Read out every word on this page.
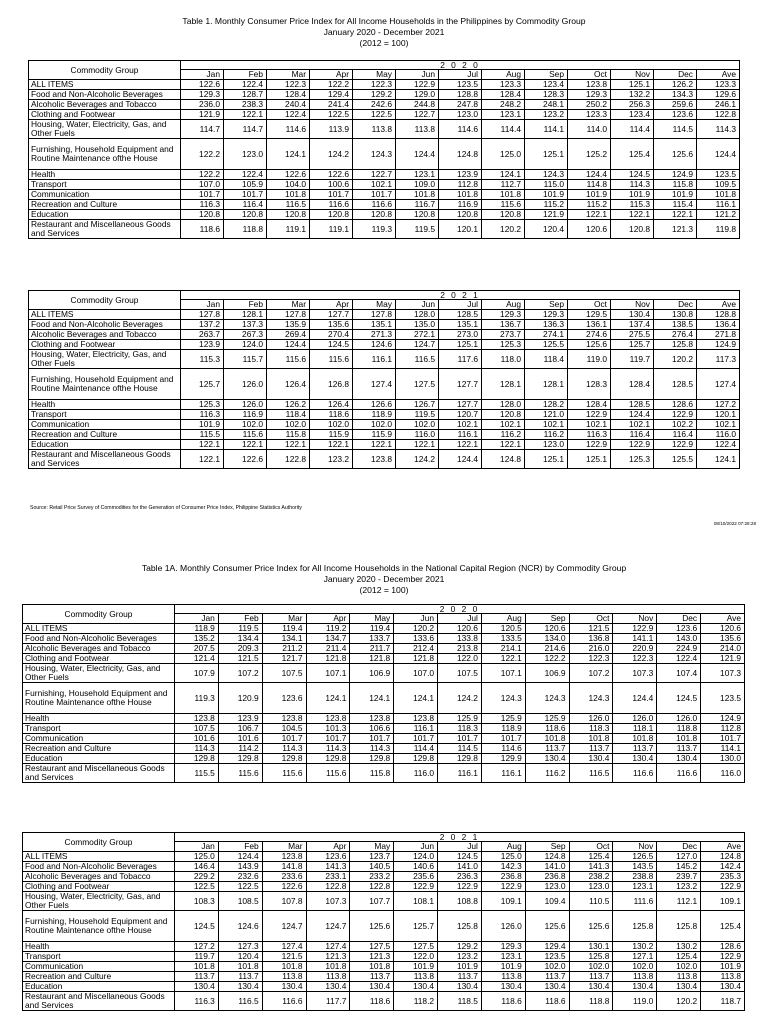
Table 1. Monthly Consumer Price Index for All Income Households in the Philippines by Commodity Group
January 2020 - December 2021
(2012 = 100)
Commodity Group	2 0 2 0												
	Jan	Feb	Mar	Apr	May	Jun	Jul	Aug	Sep	Oct	Nov	Dec	Ave
ALL ITEMS	122.6	122.4	122.3	122.2	122.3	122.9	123.5	123.3	123.4	123.8	125.1	126.2	123.3
Food and Non-Alcoholic Beverages	129.3	128.7	128.4	129.4	129.2	129.0	128.8	128.4	128.3	129.3	132.2	134.3	129.6
Alcoholic Beverages and Tobacco	236.0	238.3	240.4	241.4	242.6	244.8	247.8	248.2	248.1	250.2	256.3	259.6	246.1
Clothing and Footwear	121.9	122.1	122.4	122.5	122.5	122.7	123.0	123.1	123.2	123.3	123.4	123.6	122.8
Housing, Water, Electricity, Gas, and Other Fuels	114.7	114.7	114.6	113.9	113.8	113.8	114.6	114.4	114.1	114.0	114.4	114.5	114.3
Furnishing, Household Equipment and Routine Maintenance ofthe House	122.2	123.0	124.1	124.2	124.3	124.4	124.8	125.0	125.1	125.2	125.4	125.6	124.4
Health	122.2	122.4	122.6	122.6	122.7	123.1	123.9	124.1	124.3	124.4	124.5	124.9	123.5
Transport	107.0	105.9	104.0	100.6	102.1	109.0	112.8	112.7	115.0	114.8	114.3	115.8	109.5
Communication	101.7	101.7	101.8	101.7	101.7	101.8	101.8	101.8	101.9	101.9	101.9	101.9	101.8
Recreation and Culture	116.3	116.4	116.5	116.6	116.6	116.7	116.9	115.6	115.2	115.2	115.3	115.4	116.1
Education	120.8	120.8	120.8	120.8	120.8	120.8	120.8	120.8	121.9	122.1	122.1	122.1	121.2
Restaurant and Miscellaneous Goods and Services	118.6	118.8	119.1	119.1	119.3	119.5	120.1	120.2	120.4	120.6	120.8	121.3	119.8
Commodity Group	2 0 2 1												
	Jan	Feb	Mar	Apr	May	Jun	Jul	Aug	Sep	Oct	Nov	Dec	Ave
ALL ITEMS	127.8	128.1	127.8	127.7	127.8	128.0	128.5	129.3	129.3	129.5	130.4	130.8	128.8
Food and Non-Alcoholic Beverages	137.2	137.3	135.9	135.6	135.1	135.0	135.1	136.7	136.3	136.1	137.4	138.5	136.4
Alcoholic Beverages and Tobacco	263.7	267.3	269.4	270.4	271.3	272.1	273.0	273.7	274.1	274.6	275.5	276.4	271.8
Clothing and Footwear	123.9	124.0	124.4	124.5	124.6	124.7	125.1	125.3	125.5	125.6	125.7	125.8	124.9
Housing, Water, Electricity, Gas, and Other Fuels	115.3	115.7	115.6	115.6	116.1	116.5	117.6	118.0	118.4	119.0	119.7	120.2	117.3
Furnishing, Household Equipment and Routine Maintenance ofthe House	125.7	126.0	126.4	126.8	127.4	127.5	127.7	128.1	128.1	128.3	128.4	128.5	127.4
Health	125.3	126.0	126.2	126.4	126.6	126.7	127.7	128.0	128.2	128.4	128.5	128.6	127.2
Transport	116.3	116.9	118.4	118.6	118.9	119.5	120.7	120.8	121.0	122.9	124.4	122.9	120.1
Communication	101.9	102.0	102.0	102.0	102.0	102.0	102.1	102.1	102.1	102.1	102.1	102.2	102.1
Recreation and Culture	115.5	115.6	115.8	115.9	115.9	116.0	116.1	116.2	116.2	116.3	116.4	116.4	116.0
Education	122.1	122.1	122.1	122.1	122.1	122.1	122.1	122.1	123.0	122.9	122.9	122.9	122.4
Restaurant and Miscellaneous Goods and Services	122.1	122.6	122.8	123.2	123.8	124.2	124.4	124.8	125.1	125.1	125.3	125.5	124.1
Source: Retail Price Survey of Commodities for the Generation of Consumer Price Index, Philippine Statistics Authority
08/10/2022 07:28:28
Table 1A. Monthly Consumer Price Index for All Income Households in the National Capital Region (NCR) by Commodity Group
January 2020 - December 2021
(2012 = 100)
Commodity Group	2 0 2 0												
	Jan	Feb	Mar	Apr	May	Jun	Jul	Aug	Sep	Oct	Nov	Dec	Ave
ALL ITEMS	118.9	119.5	119.4	119.2	119.4	120.2	120.6	120.5	120.6	121.5	122.9	123.6	120.6
Food and Non-Alcoholic Beverages	135.2	134.4	134.1	134.7	133.7	133.6	133.8	133.5	134.0	136.8	141.1	143.0	135.6
Alcoholic Beverages and Tobacco	207.5	209.3	211.2	211.4	211.7	212.4	213.8	214.1	214.6	216.0	220.9	224.9	214.0
Clothing and Footwear	121.4	121.5	121.7	121.8	121.8	121.8	122.0	122.1	122.2	122.3	122.3	122.4	121.9
Housing, Water, Electricity, Gas, and Other Fuels	107.9	107.2	107.5	107.1	106.9	107.0	107.5	107.1	106.9	107.2	107.3	107.4	107.3
Furnishing, Household Equipment and Routine Maintenance ofthe House	119.3	120.9	123.6	124.1	124.1	124.1	124.2	124.3	124.3	124.3	124.4	124.5	123.5
Health	123.8	123.9	123.8	123.8	123.8	123.8	125.9	125.9	125.9	126.0	126.0	126.0	124.9
Transport	107.5	106.7	104.5	101.3	106.6	116.1	118.3	118.9	118.6	118.3	118.1	118.8	112.8
Communication	101.6	101.6	101.7	101.7	101.7	101.7	101.7	101.7	101.8	101.8	101.8	101.8	101.7
Recreation and Culture	114.3	114.2	114.3	114.3	114.3	114.4	114.5	114.6	113.7	113.7	113.7	113.7	114.1
Education	129.8	129.8	129.8	129.8	129.8	129.8	129.8	129.9	130.4	130.4	130.4	130.4	130.0
Restaurant and Miscellaneous Goods and Services	115.5	115.6	115.6	115.6	115.8	116.0	116.1	116.1	116.2	116.5	116.6	116.6	116.0
Commodity Group	2 0 2 1												
	Jan	Feb	Mar	Apr	May	Jun	Jul	Aug	Sep	Oct	Nov	Dec	Ave
ALL ITEMS	125.0	124.4	123.8	123.6	123.7	124.0	124.5	125.0	124.8	125.4	126.5	127.0	124.8
Food and Non-Alcoholic Beverages	146.4	143.9	141.8	141.3	140.5	140.6	141.0	142.3	141.0	141.3	143.5	145.2	142.4
Alcoholic Beverages and Tobacco	229.2	232.6	233.6	233.1	233.2	235.6	236.3	236.8	236.8	238.2	238.8	239.7	235.3
Clothing and Footwear	122.5	122.5	122.6	122.8	122.8	122.9	122.9	122.9	123.0	123.0	123.1	123.2	122.9
Housing, Water, Electricity, Gas, and Other Fuels	108.3	108.5	107.8	107.3	107.7	108.1	108.8	109.1	109.4	110.5	111.6	112.1	109.1
Furnishing, Household Equipment and Routine Maintenance ofthe House	124.5	124.6	124.7	124.7	125.6	125.7	125.8	126.0	125.6	125.6	125.8	125.8	125.4
Health	127.2	127.3	127.4	127.4	127.5	127.5	129.2	129.3	129.4	130.1	130.2	130.2	128.6
Transport	119.7	120.4	121.5	121.3	121.3	122.0	123.2	123.1	123.5	125.8	127.1	125.4	122.9
Communication	101.8	101.8	101.8	101.8	101.8	101.9	101.9	101.9	102.0	102.0	102.0	102.0	101.9
Recreation and Culture	113.7	113.7	113.8	113.8	113.7	113.8	113.7	113.8	113.7	113.7	113.8	113.8	113.8
Education	130.4	130.4	130.4	130.4	130.4	130.4	130.4	130.4	130.4	130.4	130.4	130.4	130.4
Restaurant and Miscellaneous Goods and Services	116.3	116.5	116.6	117.7	118.6	118.2	118.5	118.6	118.6	118.8	119.0	120.2	118.7
